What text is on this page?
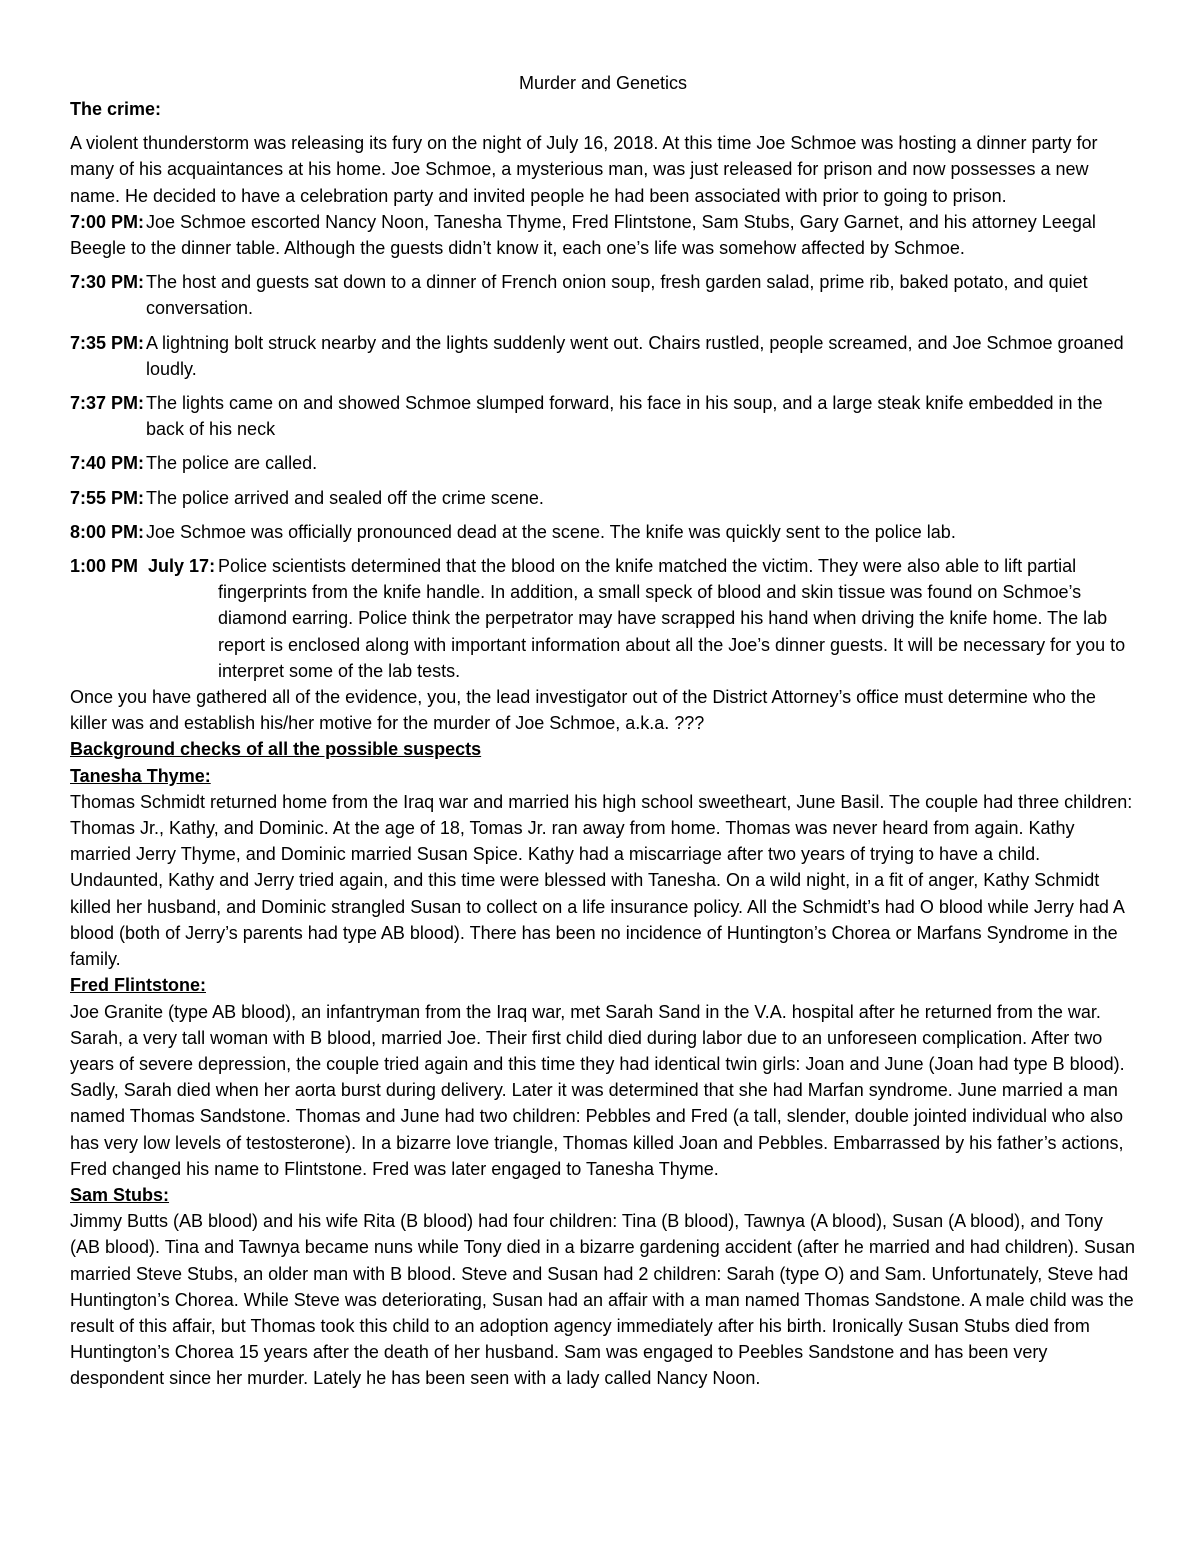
Murder and Genetics
The crime:

A violent thunderstorm was releasing its fury on the night of July 16, 2018. At this time Joe Schmoe was hosting a dinner party for many of his acquaintances at his home. Joe Schmoe, a mysterious man, was just released for prison and now possesses a new name. He decided to have a celebration party and invited people he had been associated with prior to going to prison.

7:00 PM: Joe Schmoe escorted Nancy Noon, Tanesha Thyme, Fred Flintstone, Sam Stubs, Gary Garnet, and his attorney Leegal Beegle to the dinner table. Although the guests didn’t know it, each one’s life was somehow affected by Schmoe.
7:30 PM: The host and guests sat down to a dinner of French onion soup, fresh garden salad, prime rib, baked potato, and quiet conversation.
7:35 PM: A lightning bolt struck nearby and the lights suddenly went out. Chairs rustled, people screamed, and Joe Schmoe groaned loudly.
7:37 PM: The lights came on and showed Schmoe slumped forward, his face in his soup, and a large steak knife embedded in the back of his neck
7:40 PM: The police are called.
7:55 PM: The police arrived and sealed off the crime scene.
8:00 PM: Joe Schmoe was officially pronounced dead at the scene. The knife was quickly sent to the police lab.
1:00 PM  July 17: Police scientists determined that the blood on the knife matched the victim. They were also able to lift partial fingerprints from the knife handle. In addition, a small speck of blood and skin tissue was found on Schmoe’s diamond earring. Police think the perpetrator may have scrapped his hand when driving the knife home. The lab report is enclosed along with important information about all the Joe’s dinner guests. It will be necessary for you to interpret some of the lab tests.

Once you have gathered all of the evidence, you, the lead investigator out of the District Attorney’s office must determine who the killer was and establish his/her motive for the murder of Joe Schmoe, a.k.a. ???

Background checks of all the possible suspects
Tanesha Thyme:

Thomas Schmidt returned home from the Iraq war and married his high school sweetheart, June Basil. The couple had three children: Thomas Jr., Kathy, and Dominic. At the age of 18, Tomas Jr. ran away from home. Thomas was never heard from again. Kathy married Jerry Thyme, and Dominic married Susan Spice. Kathy had a miscarriage after two years of trying to have a child. Undaunted, Kathy and Jerry tried again, and this time were blessed with Tanesha. On a wild night, in a fit of anger, Kathy Schmidt killed her husband, and Dominic strangled Susan to collect on a life insurance policy. All the Schmidt’s had O blood while Jerry had A blood (both of Jerry’s parents had type AB blood). There has been no incidence of Huntington’s Chorea or Marfans Syndrome in the family.

Fred Flintstone:

Joe Granite (type AB blood), an infantryman from the Iraq war, met Sarah Sand in the V.A. hospital after he returned from the war. Sarah, a very tall woman with B blood, married Joe. Their first child died during labor due to an unforeseen complication. After two years of severe depression, the couple tried again and this time they had identical twin girls: Joan and June (Joan had type B blood). Sadly, Sarah died when her aorta burst during delivery. Later it was determined that she had Marfan syndrome. June married a man named Thomas Sandstone. Thomas and June had two children: Pebbles and Fred (a tall, slender, double jointed individual who also has very low levels of testosterone). In a bizarre love triangle, Thomas killed Joan and Pebbles. Embarrassed by his father’s actions, Fred changed his name to Flintstone. Fred was later engaged to Tanesha Thyme.

Sam Stubs:

Jimmy Butts (AB blood) and his wife Rita (B blood) had four children: Tina (B blood), Tawnya (A blood), Susan (A blood), and Tony (AB blood). Tina and Tawnya became nuns while Tony died in a bizarre gardening accident (after he married and had children). Susan married Steve Stubs, an older man with B blood. Steve and Susan had 2 children: Sarah (type O) and Sam. Unfortunately, Steve had Huntington’s Chorea. While Steve was deteriorating, Susan had an affair with a man named Thomas Sandstone. A male child was the result of this affair, but Thomas took this child to an adoption agency immediately after his birth. Ironically Susan Stubs died from Huntington’s Chorea 15 years after the death of her husband. Sam was engaged to Peebles Sandstone and has been very despondent since her murder. Lately he has been seen with a lady called Nancy Noon.
